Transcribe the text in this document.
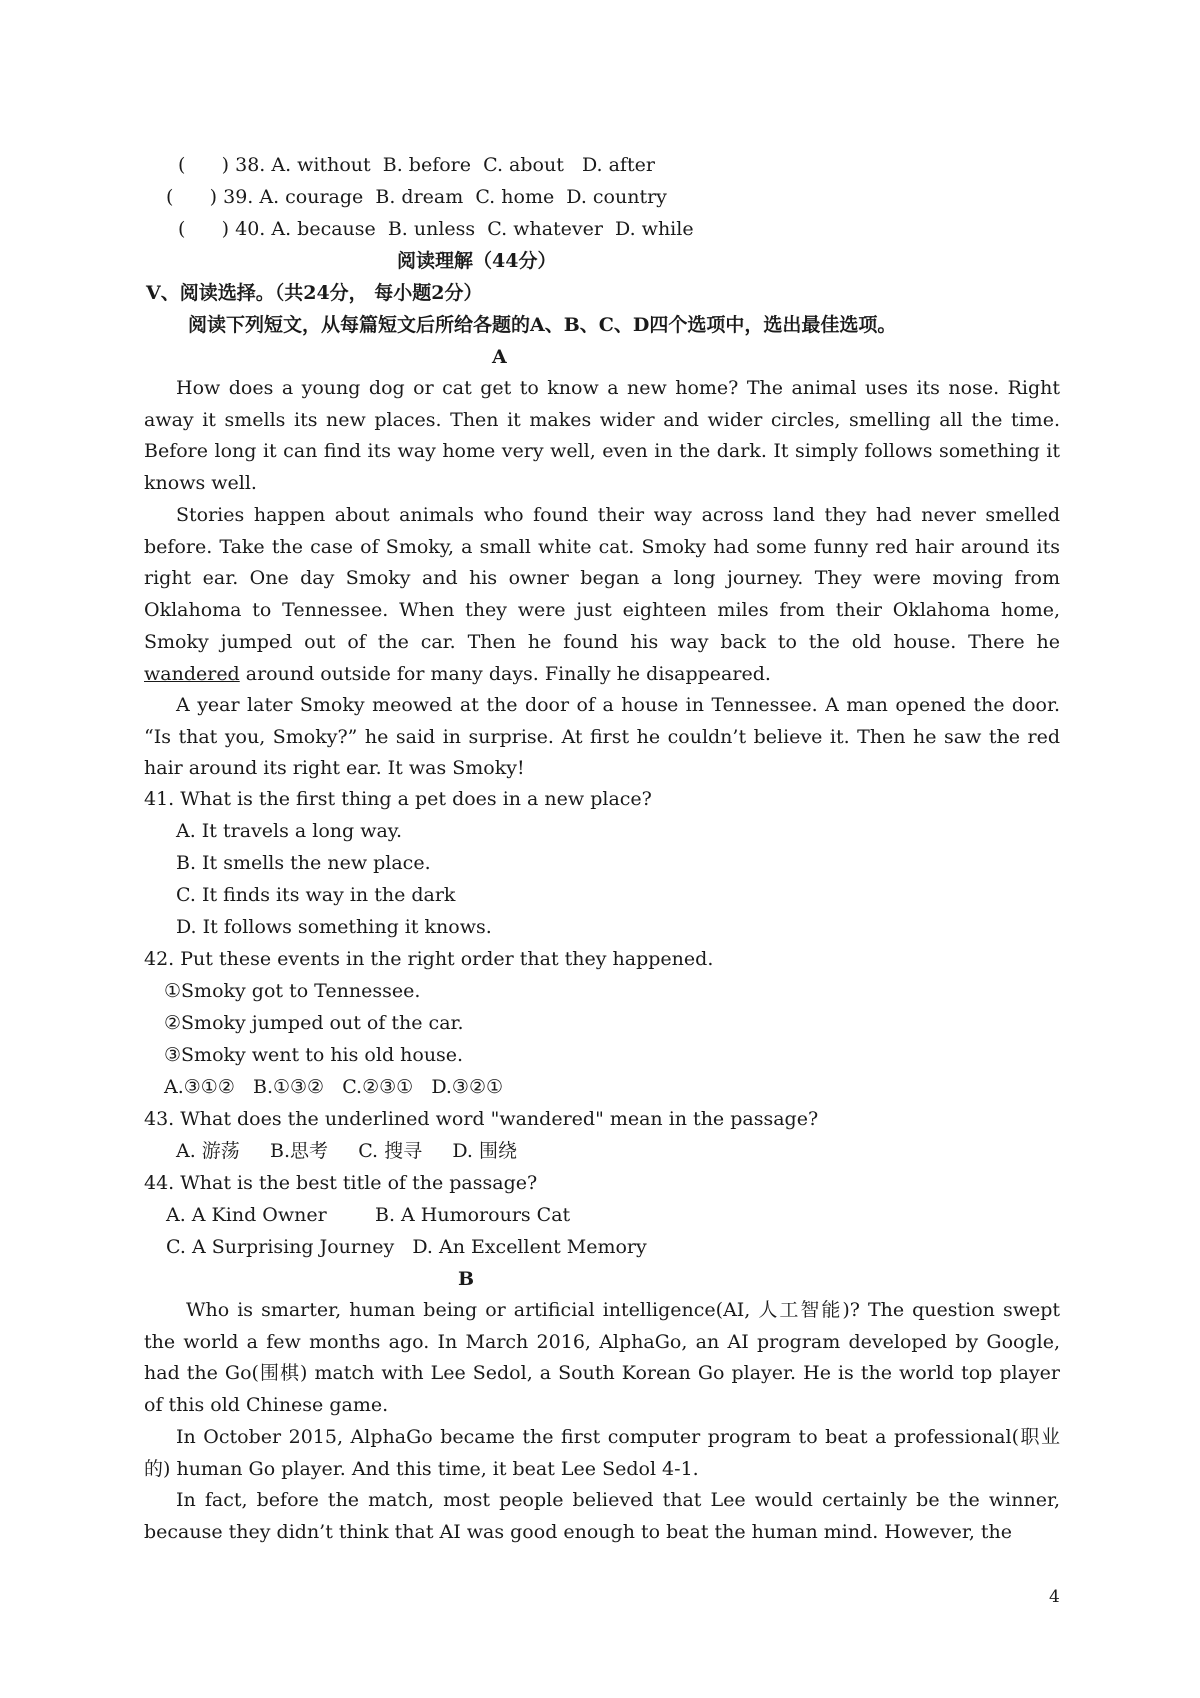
(      ) 38. A. without  B. before  C. about   D. after
(      ) 39. A. courage  B. dream  C. home  D. country
(      ) 40. A. because  B. unless  C. whatever  D. while
阅读理解（44分）
Ⅴ、阅读选择。（共24分， 每小题2分）
阅读下列短文，从每篇短文后所给各题的A、B、C、D四个选项中，选出最佳选项。
A

How does a young dog or cat get to know a new home? The animal uses its nose. Right away it smells its new places. Then it makes wider and wider circles, smelling all the time. Before long it can find its way home very well, even in the dark. It simply follows something it knows well.

Stories happen about animals who found their way across land they had never smelled before. Take the case of Smoky, a small white cat. Smoky had some funny red hair around its right ear. One day Smoky and his owner began a long journey. They were moving from Oklahoma to Tennessee. When they were just eighteen miles from their Oklahoma home, Smoky jumped out of the car. Then he found his way back to the old house. There he wandered around outside for many days. Finally he disappeared.

A year later Smoky meowed at the door of a house in Tennessee. A man opened the door. “Is that you, Smoky?” he said in surprise. At first he couldn’t believe it. Then he saw the red hair around its right ear. It was Smoky!

41. What is the first thing a pet does in a new place?
A. It travels a long way.
B. It smells the new place.
C. It finds its way in the dark
D. It follows something it knows.
42. Put these events in the right order that they happened.
①Smoky got to Tennessee.
②Smoky jumped out of the car.
③Smoky went to his old house.
A.③①②   B.①③②   C.②③①   D.③②①
43. What does the underlined word "wandered" mean in the passage?
A. 游荡     B.思考     C. 搜寻     D. 围绕
44. What is the best title of the passage?
A. A Kind Owner        B. A Humorours Cat
C. A Surprising Journey   D. An Excellent Memory
B

Who is smarter, human being or artificial intelligence(AI, 人工智能)? The question swept the world a few months ago. In March 2016, AlphaGo, an AI program developed by Google, had the Go(围棋) match with Lee Sedol, a South Korean Go player. He is the world top player of this old Chinese game.

In October 2015, AlphaGo became the first computer program to beat a professional(职业的) human Go player. And this time, it beat Lee Sedol 4-1.

In fact, before the match, most people believed that Lee would certainly be the winner, because they didn’t think that AI was good enough to beat the human mind. However, the

4
